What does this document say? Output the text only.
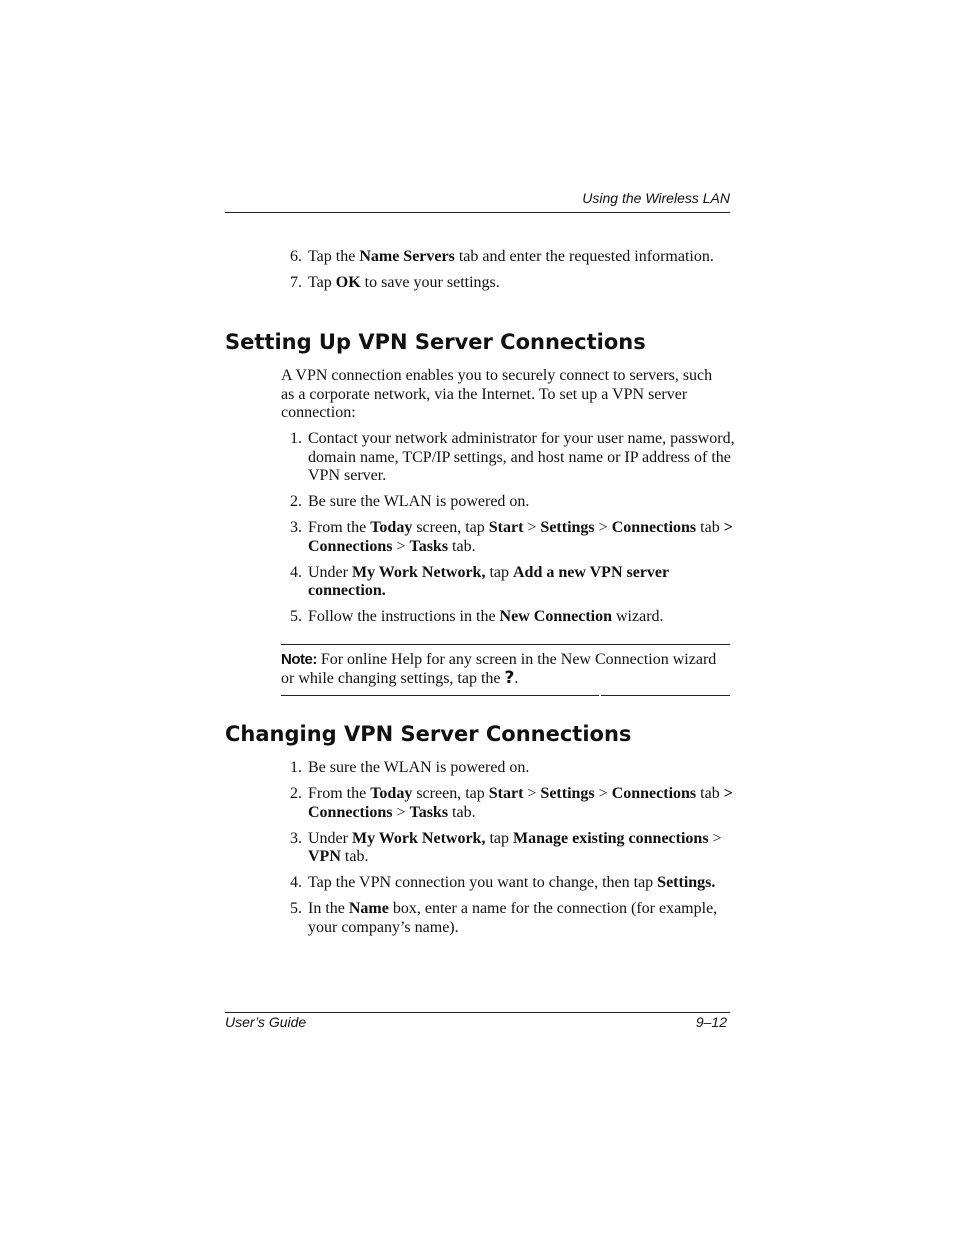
Using the Wireless LAN
6. Tap the Name Servers tab and enter the requested information.
7. Tap OK to save your settings.
Setting Up VPN Server Connections

A VPN connection enables you to securely connect to servers, such as a corporate network, via the Internet. To set up a VPN server connection:

1. Contact your network administrator for your user name, password, domain name, TCP/IP settings, and host name or IP address of the VPN server.
2. Be sure the WLAN is powered on.
3. From the Today screen, tap Start > Settings > Connections tab > Connections > Tasks tab.
4. Under My Work Network, tap Add a new VPN server connection.
5. Follow the instructions in the New Connection wizard.

Note: For online Help for any screen in the New Connection wizard or while changing settings, tap the ?.

Changing VPN Server Connections
1. Be sure the WLAN is powered on.
2. From the Today screen, tap Start > Settings > Connections tab > Connections > Tasks tab.
3. Under My Work Network, tap Manage existing connections > VPN tab.
4. Tap the VPN connection you want to change, then tap Settings.
5. In the Name box, enter a name for the connection (for example, your company’s name).
User’s Guide	9–12
